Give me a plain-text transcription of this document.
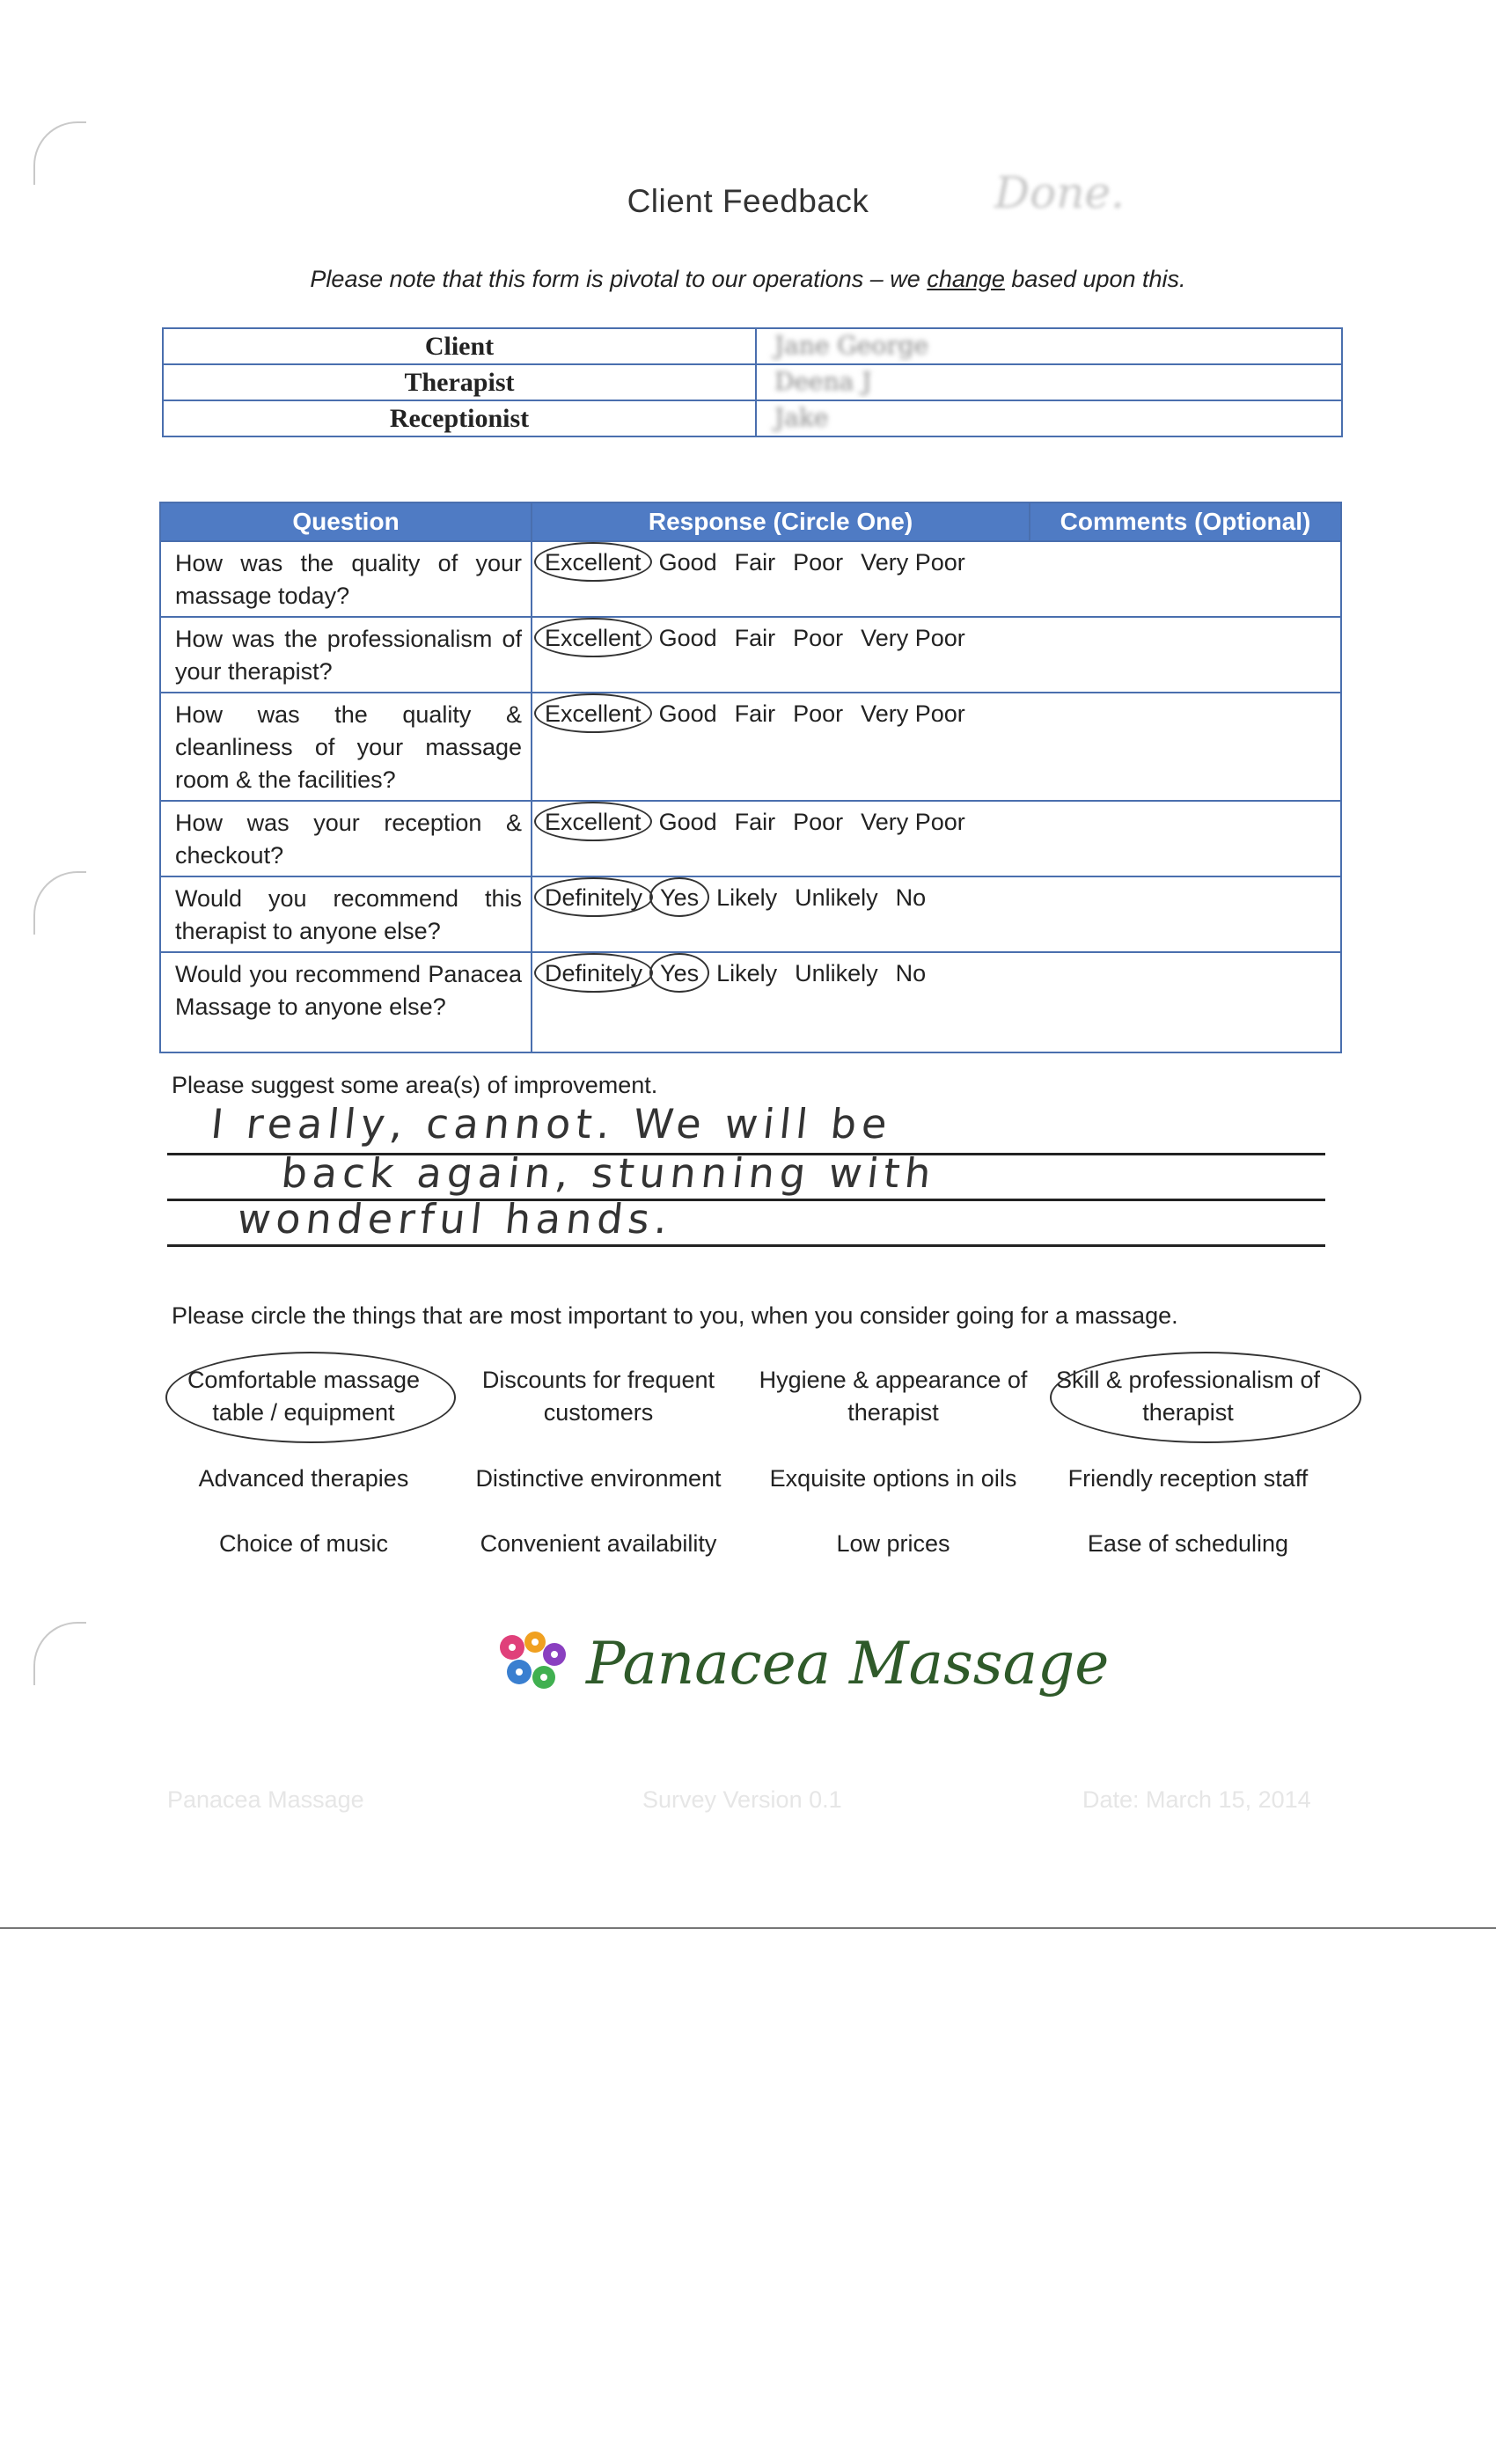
Client Feedback	Done.
Please note that this form is pivotal to our operations – we change based upon this.
Client	Jane George

Therapist	Deena J

Receptionist	Jake
Question	Response (Circle One)	Comments (Optional)
How was the quality of your massage today?	Excellent Good Fair Poor Very Poor	
How was the professionalism of your therapist?	Excellent Good Fair Poor Very Poor	
How was the quality & cleanliness of your massage room & the facilities?	Excellent Good Fair Poor Very Poor	
How was your reception & checkout?	Excellent Good Fair Poor Very Poor	
Would you recommend this therapist to anyone else?	Definitely Yes Likely Unlikely No	
Would you recommend Panacea Massage to anyone else?	Definitely Yes Likely Unlikely No	
Please suggest some area(s) of improvement.
I really, cannot. We will be
back again, stunning with
wonderful hands.
Please circle the things that are most important to you, when you consider going for a massage.
Comfortable massage table / equipment
Discounts for frequent customers
Hygiene & appearance of therapist
Skill & professionalism of therapist
Advanced therapies	Distinctive environment	Exquisite options in oils	Friendly reception staff
Choice of music	Convenient availability	Low prices	Ease of scheduling
Panacea Massage
Panacea Massage	Survey Version 0.1	Date: March 15, 2014
